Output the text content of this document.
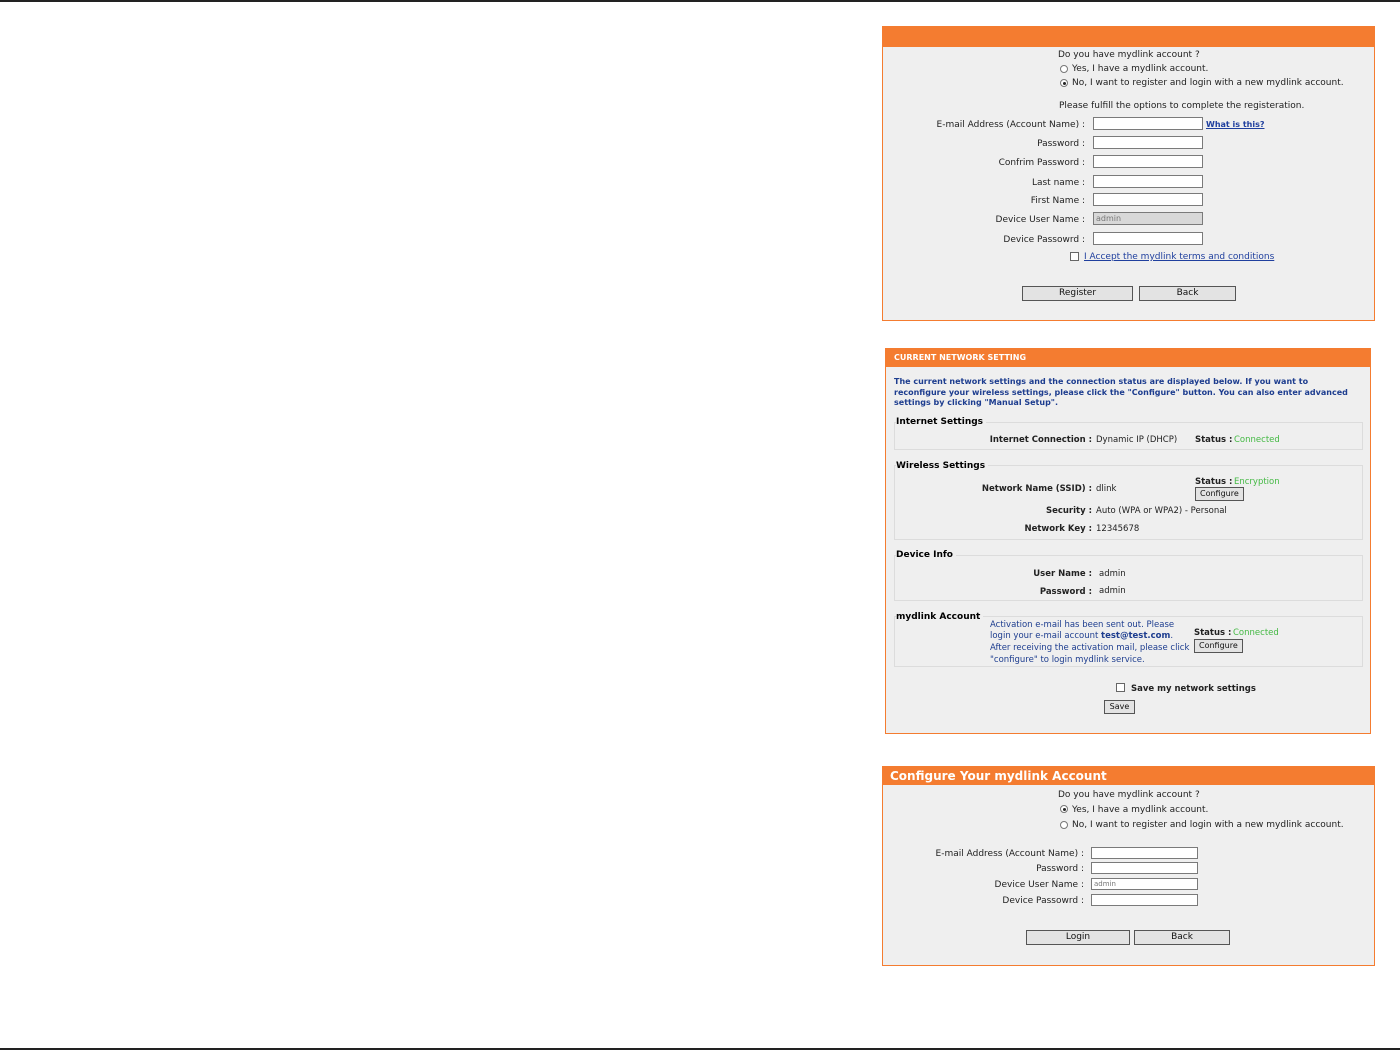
Do you have mydlink account ?
Yes, I have a mydlink account.
No, I want to register and login with a new mydlink account.
Please fulfill the options to complete the registeration.
E-mail Address (Account Name) :	What is this?
Password :
Confrim Password :
Last name :
First Name :
Device User Name :	admin
Device Passowrd :
I Accept the mydlink terms and conditions
Register	Back
CURRENT NETWORK SETTING
The current network settings and the connection status are displayed below. If you want to
reconfigure your wireless settings, please click the "Configure" button. You can also enter advanced
settings by clicking "Manual Setup".
Internet Settings
Internet Connection : Dynamic IP (DHCP) Status : Connected
Wireless Settings
Status : Encryption
Network Name (SSID) : dlink	Configure
Security : Auto (WPA or WPA2) - Personal
Network Key : 12345678
Device Info
User Name : admin
Password : admin
mydlink Account
Activation e-mail has been sent out. Please
login your e-mail account test@test.com.
After receiving the activation mail, please click
"configure" to login mydlink service.
Status : Connected
Configure
Save my network settings
Save
Configure Your mydlink Account
Do you have mydlink account ?
Yes, I have a mydlink account.
No, I want to register and login with a new mydlink account.
E-mail Address (Account Name) :
Password :
Device User Name :	admin
Device Passowrd :
Login	Back
